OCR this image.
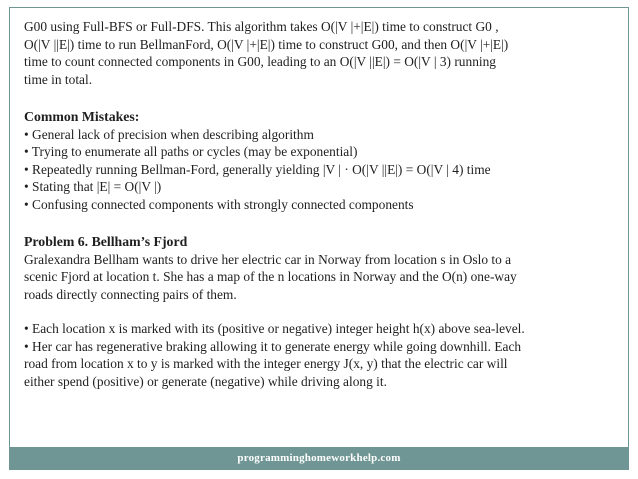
G00 using Full-BFS or Full-DFS. This algorithm takes O(|V |+|E|) time to construct G0 ,

O(|V ||E|) time to run BellmanFord, O(|V |+|E|) time to construct G00, and then O(|V |+|E|)

time to count connected components in G00, leading to an O(|V ||E|) = O(|V | 3) running

time in total.

Common Mistakes:

• General lack of precision when describing algorithm

• Trying to enumerate all paths or cycles (may be exponential)

• Repeatedly running Bellman-Ford, generally yielding |V | · O(|V ||E|) = O(|V | 4) time

• Stating that |E| = O(|V |)

• Confusing connected components with strongly connected components

Problem 6. Bellham’s Fjord

Gralexandra Bellham wants to drive her electric car in Norway from location s in Oslo to a

scenic Fjord at location t. She has a map of the n locations in Norway and the O(n) one-way

roads directly connecting pairs of them.

• Each location x is marked with its (positive or negative) integer height h(x) above sea-level.

• Her car has regenerative braking allowing it to generate energy while going downhill. Each

road from location x to y is marked with the integer energy J(x, y) that the electric car will

either spend (positive) or generate (negative) while driving along it.

programminghomeworkhelp.com
